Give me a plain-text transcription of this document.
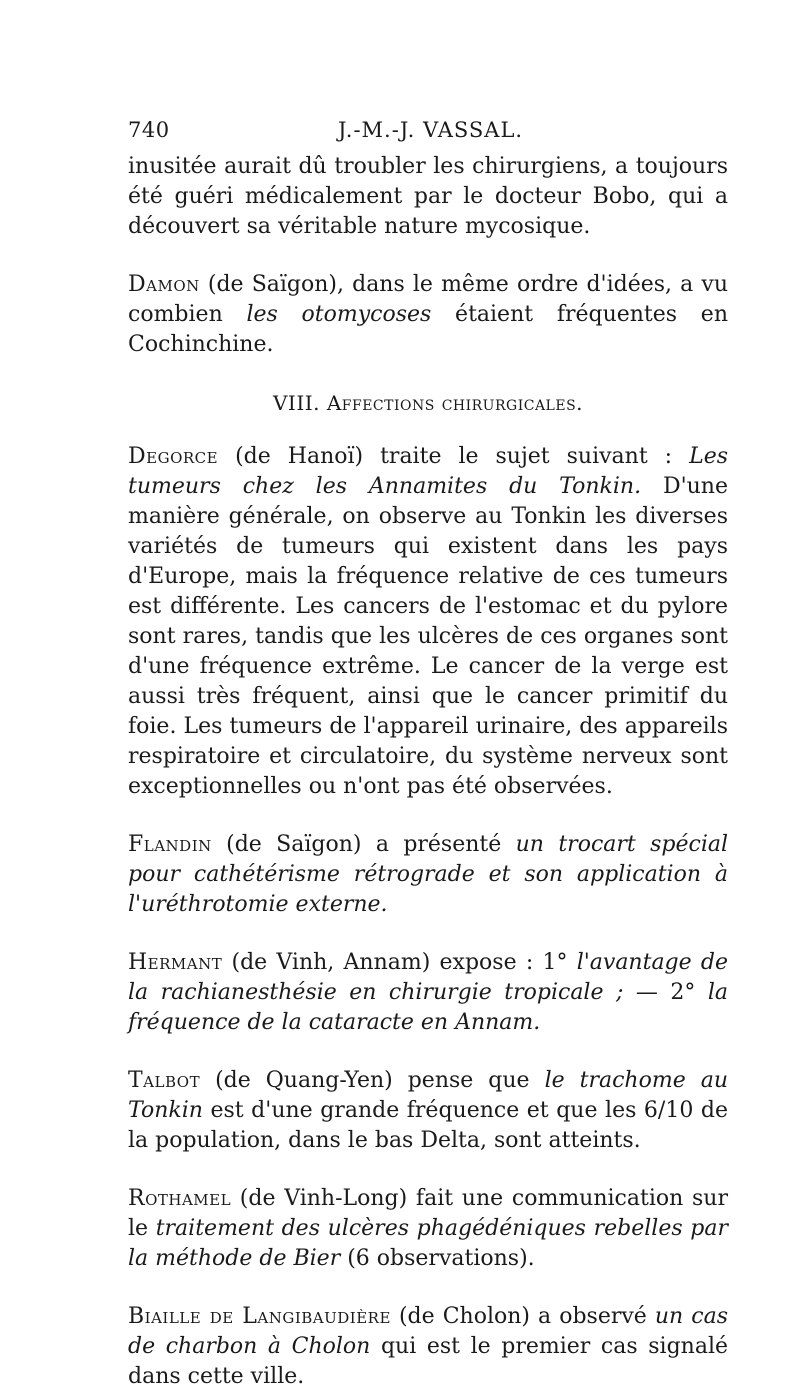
740	J.-M.-J. VASSAL.

inusitée aurait dû troubler les chirurgiens, a toujours été guéri médicalement par le docteur Bobo, qui a découvert sa véritable nature mycosique.

Damon (de Saïgon), dans le même ordre d'idées, a vu combien les otomycoses étaient fréquentes en Cochinchine.

VIII. Affections chirurgicales.

Degorce (de Hanoï) traite le sujet suivant : Les tumeurs chez les Annamites du Tonkin. D'une manière générale, on observe au Tonkin les diverses variétés de tumeurs qui existent dans les pays d'Europe, mais la fréquence relative de ces tumeurs est différente. Les cancers de l'estomac et du pylore sont rares, tandis que les ulcères de ces organes sont d'une fréquence extrême. Le cancer de la verge est aussi très fréquent, ainsi que le cancer primitif du foie. Les tumeurs de l'appareil urinaire, des appareils respiratoire et circulatoire, du système nerveux sont exceptionnelles ou n'ont pas été observées.

Flandin (de Saïgon) a présenté un trocart spécial pour cathétérisme rétrograde et son application à l'uréthrotomie externe.

Hermant (de Vinh, Annam) expose : 1° l'avantage de la rachianesthésie en chirurgie tropicale ; — 2° la fréquence de la cataracte en Annam.

Talbot (de Quang-Yen) pense que le trachome au Tonkin est d'une grande fréquence et que les 6/10 de la population, dans le bas Delta, sont atteints.

Rothamel (de Vinh-Long) fait une communication sur le traitement des ulcères phagédéniques rebelles par la méthode de Bier (6 observations).

Biaille de Langibaudière (de Cholon) a observé un cas de charbon à Cholon qui est le premier cas signalé dans cette ville.
